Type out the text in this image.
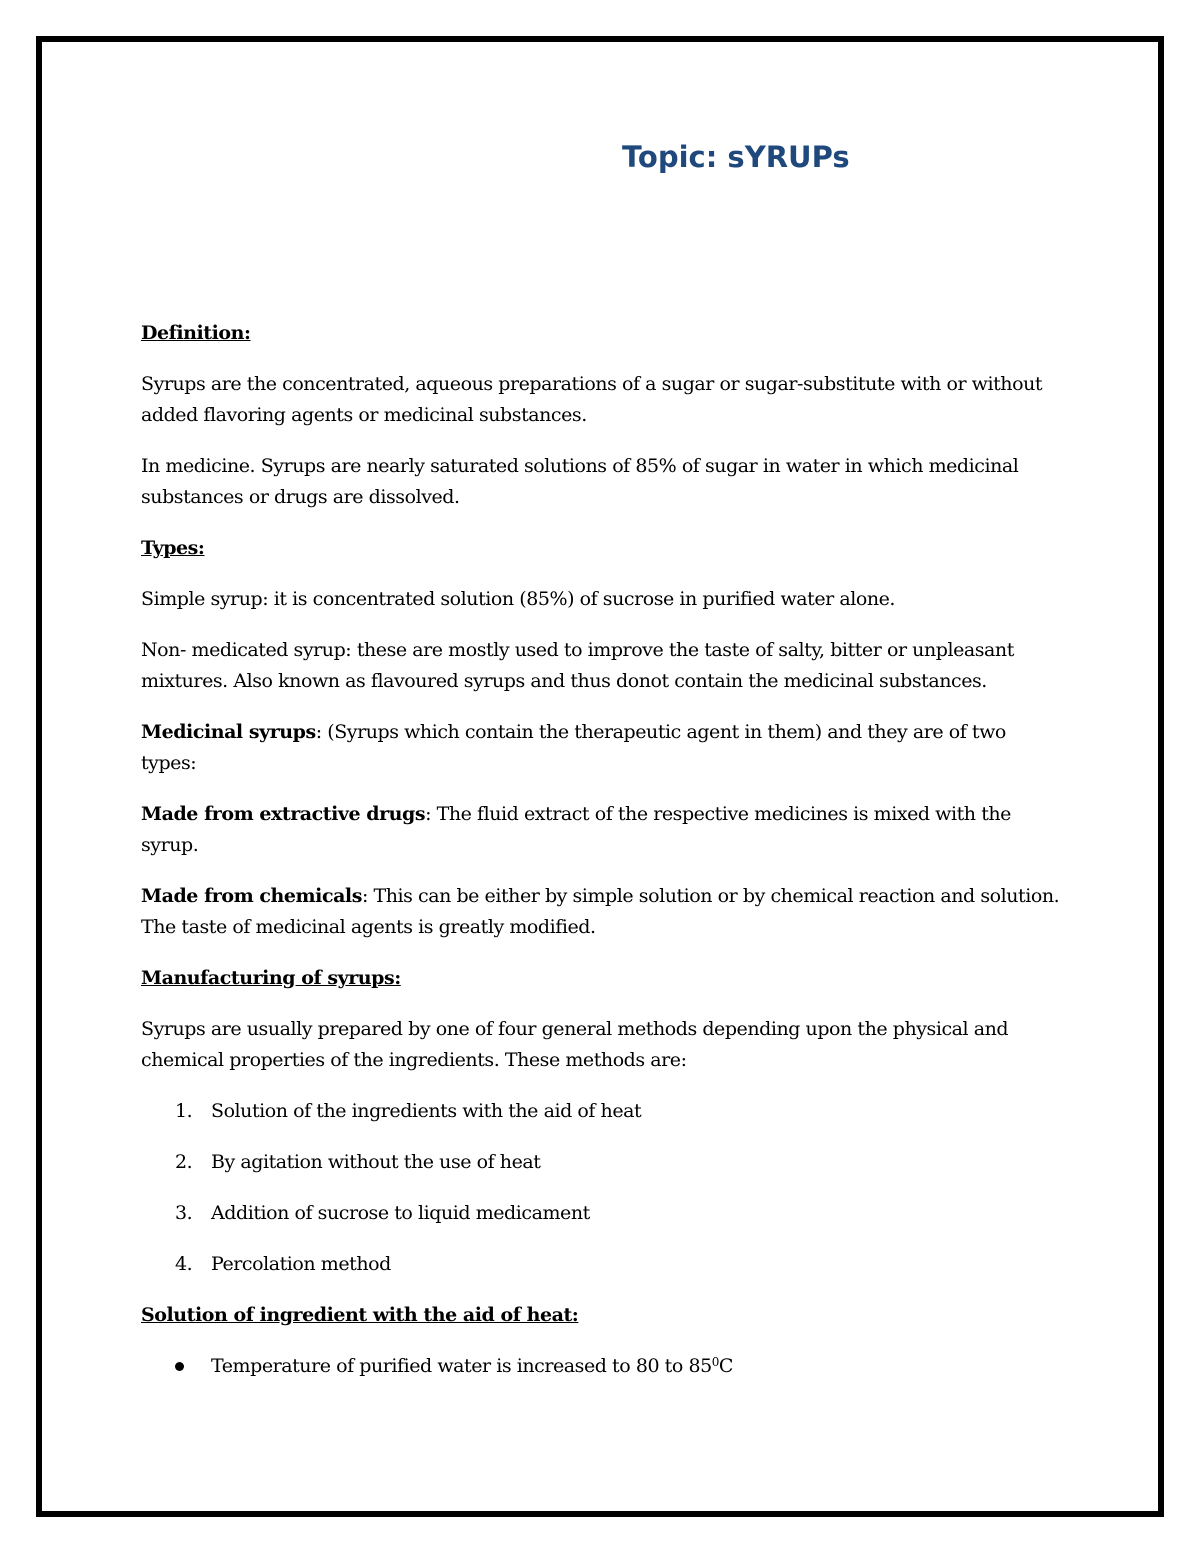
Topic: sYRUPs
Definition:
Syrups are the concentrated, aqueous preparations of a sugar or sugar-substitute with or without added flavoring agents or medicinal substances.
In medicine. Syrups are nearly saturated solutions of 85% of sugar in water in which medicinal substances or drugs are dissolved.
Types:
Simple syrup: it is concentrated solution (85%) of sucrose in purified water alone.
Non- medicated syrup: these are mostly used to improve the taste of salty, bitter or unpleasant mixtures. Also known as flavoured syrups and thus donot contain the medicinal substances.
Medicinal syrups: (Syrups which contain the therapeutic agent in them) and they are of two types:
Made from extractive drugs: The fluid extract of the respective medicines is mixed with the syrup.
Made from chemicals: This can be either by simple solution or by chemical reaction and solution. The taste of medicinal agents is greatly modified.
Manufacturing of syrups:
Syrups are usually prepared by one of four general methods depending upon the physical and chemical properties of the ingredients. These methods are:
1. Solution of the ingredients with the aid of heat
2. By agitation without the use of heat
3. Addition of sucrose to liquid medicament
4. Percolation method
Solution of ingredient with the aid of heat:
Temperature of purified water is increased to 80 to $85^0C$
